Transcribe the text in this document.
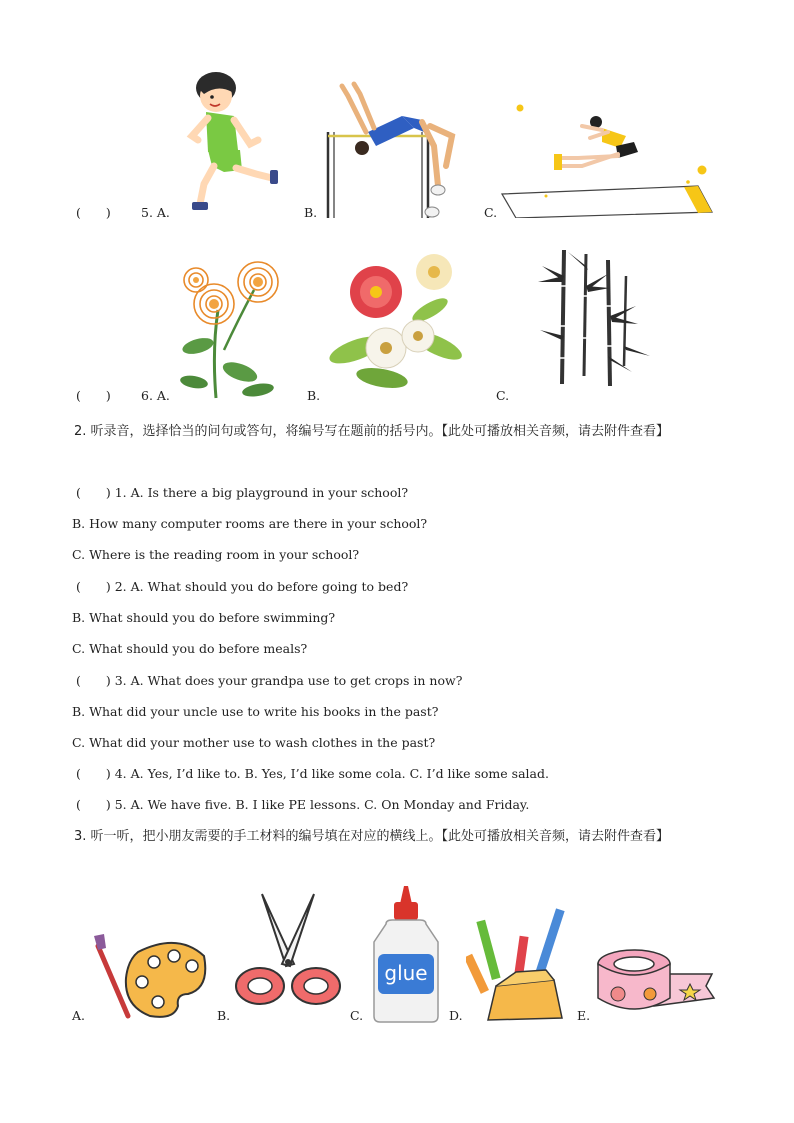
(　　) 5. A.	B.	C.
(　　) 6. A.	B.	C.
2. 听录音，选择恰当的问句或答句，将编号写在题前的括号内。【此处可播放相关音频，请去附件查看】
(　　) 1. A. Is there a big playground in your school?
B. How many computer rooms are there in your school?
C. Where is the reading room in your school?
(　　) 2. A. What should you do before going to bed?
B. What should you do before swimming?
C. What should you do before meals?
(　　) 3. A. What does your grandpa use to get crops in now?
B. What did your uncle use to write his books in the past?
C. What did your mother use to wash clothes in the past?
(　　) 4. A. Yes, I’d like to. B. Yes, I’d like some cola. C. I’d like some salad.
(　　) 5. A. We have five. B. I like PE lessons. C. On Monday and Friday.
3. 听一听，把小朋友需要的手工材料的编号填在对应的横线上。【此处可播放相关音频，请去附件查看】
A.	B.	C.
glue
D.	E.
